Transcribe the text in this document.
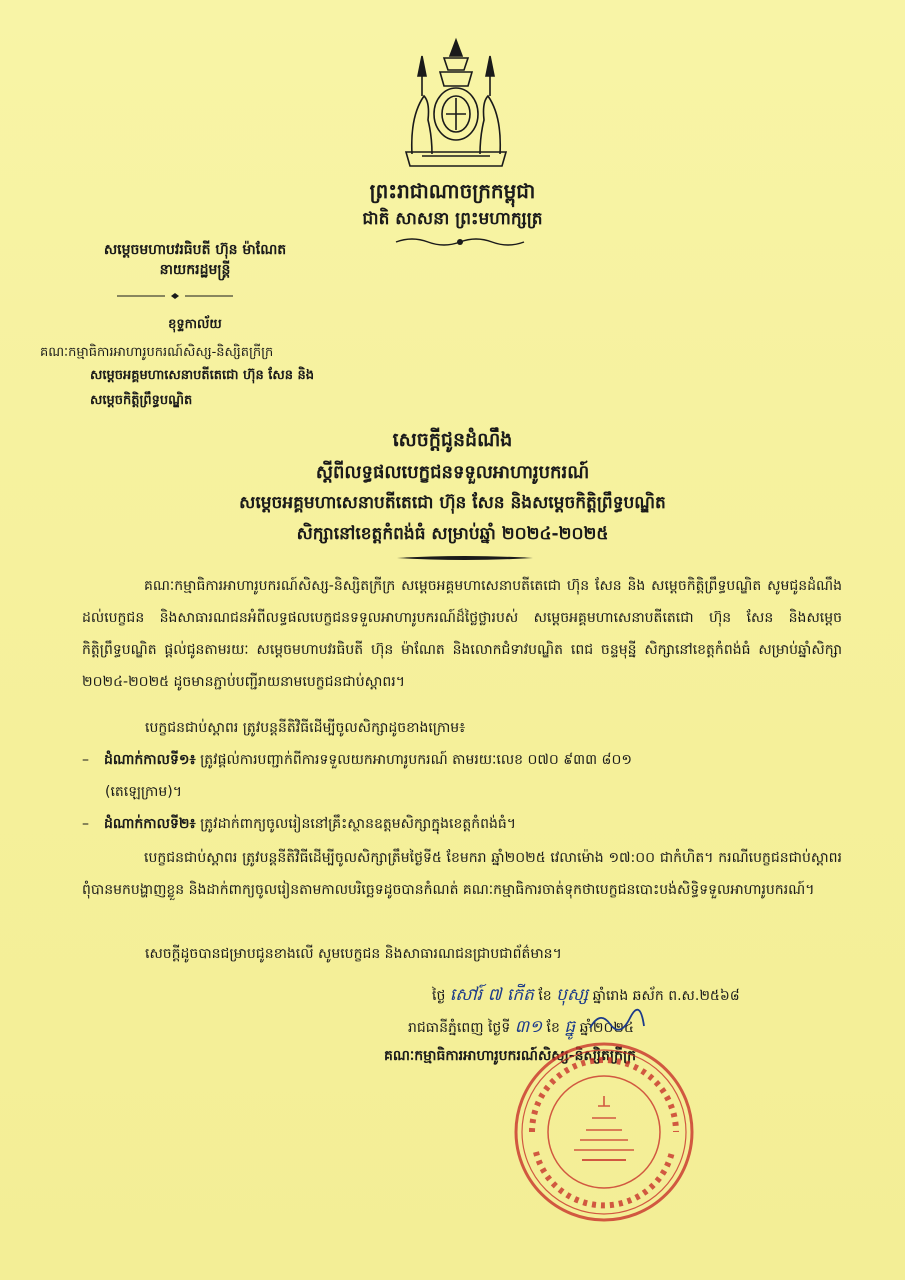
ព្រះរាជាណាចក្រកម្ពុជា
ជាតិ សាសនា ព្រះមហាក្សត្រ
សម្ដេចមហាបវរធិបតី ហ៊ុន ម៉ាណែត
នាយករដ្ឋមន្ត្រី
ខុទ្ទកាល័យ
គណៈកម្មាធិការអាហារូបករណ៍សិស្ស-និស្សិតក្រីក្រ
សម្ដេចអគ្គមហាសេនាបតីតេជោ ហ៊ុន សែន និង
សម្ដេចកិត្តិព្រឹទ្ធបណ្ឌិត
សេចក្តីជូនដំណឹង
ស្ដីពីលទ្ធផលបេក្ខជនទទួលអាហារូបករណ៍
សម្ដេចអគ្គមហាសេនាបតីតេជោ ហ៊ុន សែន និងសម្ដេចកិត្តិព្រឹទ្ធបណ្ឌិត
សិក្សានៅខេត្តកំពង់ធំ សម្រាប់ឆ្នាំ ២០២៤-២០២៥
គណៈកម្មាធិការអាហារូបករណ៍សិស្ស-និស្សិតក្រីក្រ សម្ដេចអគ្គមហាសេនាបតីតេជោ ហ៊ុន សែន និង សម្ដេចកិត្តិព្រឹទ្ធបណ្ឌិត សូមជូនដំណឹងដល់បេក្ខជន និងសាធារណជនអំពីលទ្ធផលបេក្ខជនទទួលអាហារូបករណ៍ដ៏ថ្លៃថ្លារបស់ សម្ដេចអគ្គមហាសេនាបតីតេជោ ហ៊ុន សែន និងសម្ដេចកិត្តិព្រឹទ្ធបណ្ឌិត ផ្ដល់ជូនតាមរយៈ សម្ដេចមហាបវរធិបតី ហ៊ុន ម៉ាណែត និងលោកជំទាវបណ្ឌិត ពេជ ចន្ទមុន្នី សិក្សានៅខេត្តកំពង់ធំ សម្រាប់ឆ្នាំសិក្សា ២០២៤-២០២៥ ដូចមានភ្ជាប់បញ្ជីរាយនាមបេក្ខជនជាប់ស្ដាពរ។
បេក្ខជនជាប់ស្ដាពរ ត្រូវបន្តនីតិវិធីដើម្បីចូលសិក្សាដូចខាងក្រោម៖
– ដំណាក់កាលទី១៖ ត្រូវផ្ដល់ការបញ្ជាក់ពីការទទួលយកអាហារូបករណ៍ តាមរយៈលេខ ០៧០ ៩៣៣ ៨០១
(តេឡេក្រាម)។
– ដំណាក់កាលទី២៖ ត្រូវដាក់ពាក្យចូលរៀននៅគ្រឹះស្ថានឧត្តមសិក្សាក្នុងខេត្តកំពង់ធំ។
បេក្ខជនជាប់ស្ដាពរ ត្រូវបន្តនីតិវិធីដើម្បីចូលសិក្សាត្រឹមថ្ងៃទី៥ ខែមករា ឆ្នាំ២០២៥ វេលាម៉ោង ១៧:០០ ជាកំហិត។ ករណីបេក្ខជនជាប់ស្ដាពរ ពុំបានមកបង្ហាញខ្លួន និងដាក់ពាក្យចូលរៀនតាមកាលបរិច្ឆេទដូចបានកំណត់ គណៈកម្មាធិការចាត់ទុកថាបេក្ខជនបោះបង់សិទ្ធិទទួលអាហារូបករណ៍។
សេចក្ដីដូចបានជម្រាបជូនខាងលើ សូមបេក្ខជន និងសាធារណជនជ្រាបជាព័ត៌មាន។
ថ្ងៃ សៅរ៍ ៧ កើត ខែ បុស្ស ឆ្នាំរោង ឆស័ក ព.ស.២៥៦៨
រាជធានីភ្នំពេញ ថ្ងៃទី ៣១ ខែ ធ្នូ ឆ្នាំ២០២៤
គណៈកម្មាធិការអាហារូបករណ៍សិស្ស-និស្សិតក្រីក្រ
